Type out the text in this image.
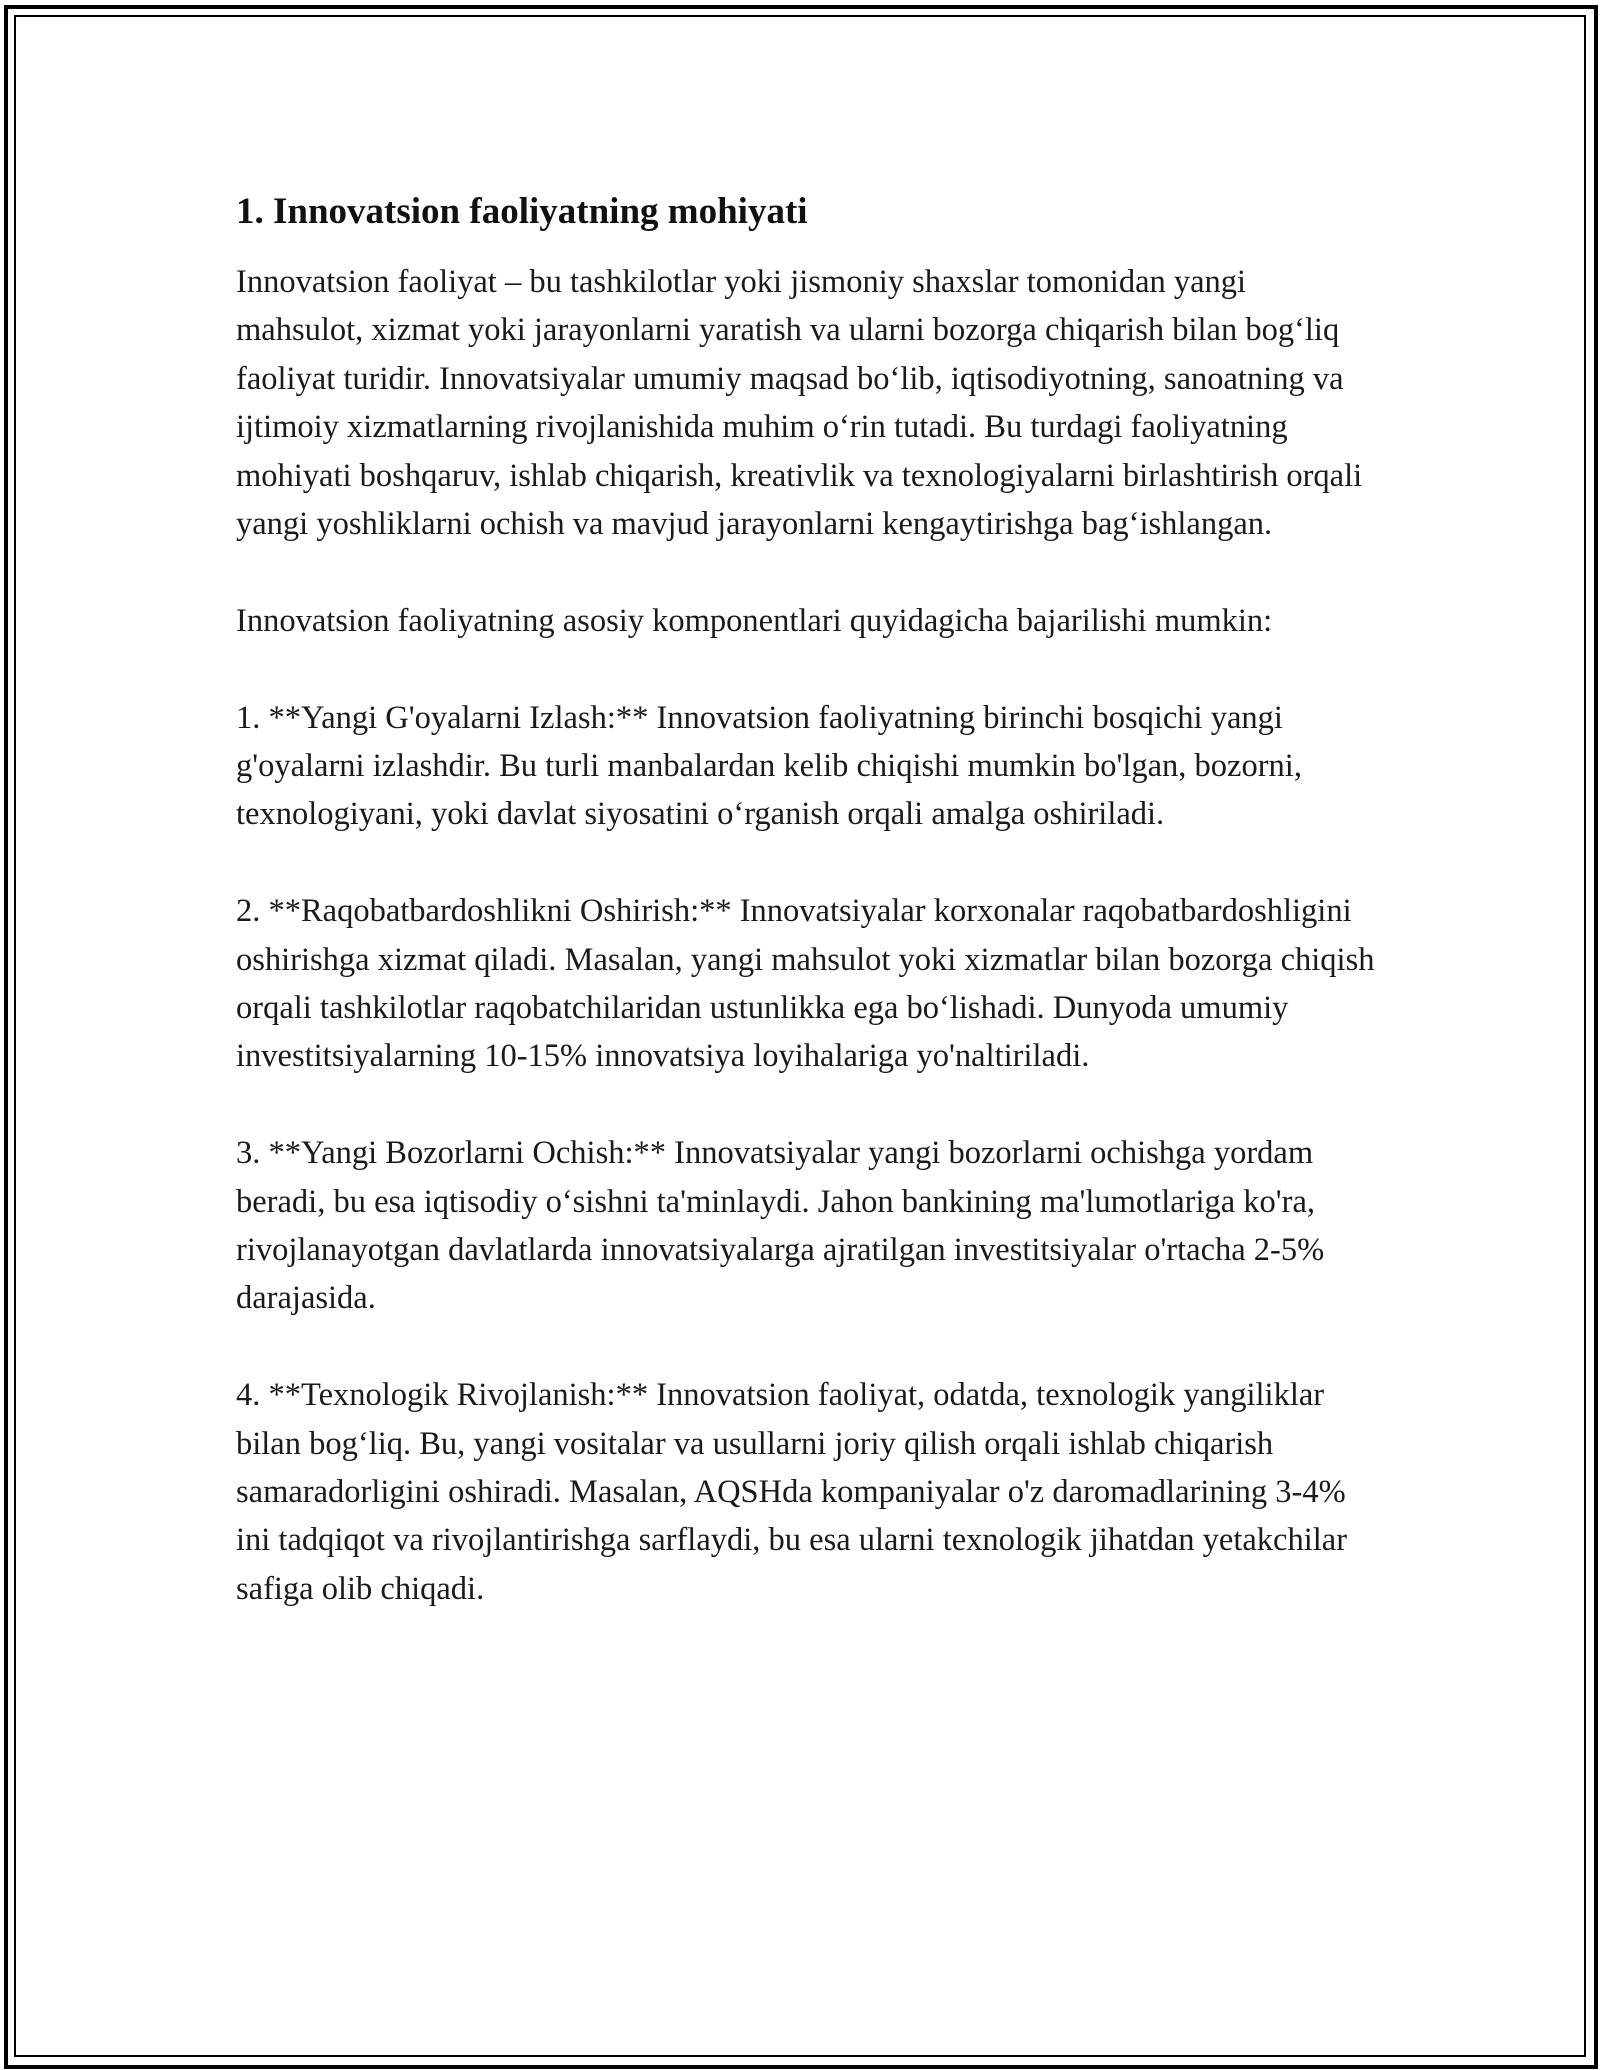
1. Innovatsion faoliyatning mohiyati

Innovatsion faoliyat – bu tashkilotlar yoki jismoniy shaxslar tomonidan yangi mahsulot, xizmat yoki jarayonlarni yaratish va ularni bozorga chiqarish bilan bog‘liq faoliyat turidir. Innovatsiyalar umumiy maqsad bo‘lib, iqtisodiyotning, sanoatning va ijtimoiy xizmatlarning rivojlanishida muhim o‘rin tutadi. Bu turdagi faoliyatning mohiyati boshqaruv, ishlab chiqarish, kreativlik va texnologiyalarni birlashtirish orqali yangi yoshliklarni ochish va mavjud jarayonlarni kengaytirishga bag‘ishlangan.

Innovatsion faoliyatning asosiy komponentlari quyidagicha bajarilishi mumkin:

1. **Yangi G'oyalarni Izlash:** Innovatsion faoliyatning birinchi bosqichi yangi g'oyalarni izlashdir. Bu turli manbalardan kelib chiqishi mumkin bo'lgan, bozorni, texnologiyani, yoki davlat siyosatini o‘rganish orqali amalga oshiriladi.

2. **Raqobatbardoshlikni Oshirish:** Innovatsiyalar korxonalar raqobatbardoshligini oshirishga xizmat qiladi. Masalan, yangi mahsulot yoki xizmatlar bilan bozorga chiqish orqali tashkilotlar raqobatchilaridan ustunlikka ega bo‘lishadi. Dunyoda umumiy investitsiyalarning 10-15% innovatsiya loyihalariga yo'naltiriladi.

3. **Yangi Bozorlarni Ochish:** Innovatsiyalar yangi bozorlarni ochishga yordam beradi, bu esa iqtisodiy o‘sishni ta'minlaydi. Jahon bankining ma'lumotlariga ko'ra, rivojlanayotgan davlatlarda innovatsiyalarga ajratilgan investitsiyalar o'rtacha 2-5% darajasida.

4. **Texnologik Rivojlanish:** Innovatsion faoliyat, odatda, texnologik yangiliklar bilan bog‘liq. Bu, yangi vositalar va usullarni joriy qilish orqali ishlab chiqarish samaradorligini oshiradi. Masalan, AQSHda kompaniyalar o'z daromadlarining 3-4% ini tadqiqot va rivojlantirishga sarflaydi, bu esa ularni texnologik jihatdan yetakchilar safiga olib chiqadi.
